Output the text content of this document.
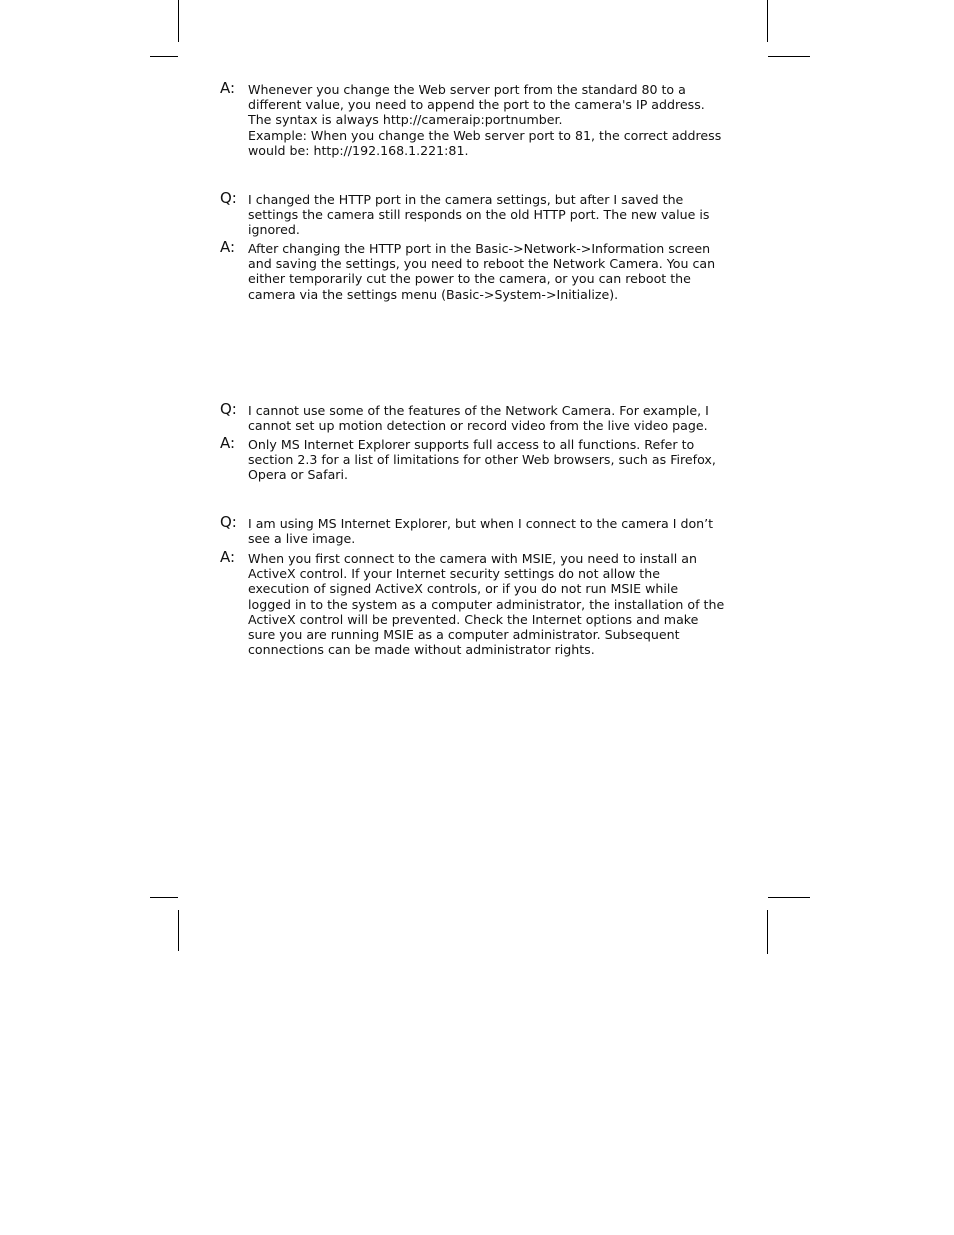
A: Whenever you change the Web server port from the standard 80 to a
different value, you need to append the port to the camera's IP address.
The syntax is always http://cameraip:portnumber.
Example: When you change the Web server port to 81, the correct address
would be: http://192.168.1.221:81.
Q: I changed the HTTP port in the camera settings, but after I saved the
settings the camera still responds on the old HTTP port. The new value is
ignored.
A: After changing the HTTP port in the Basic->Network->Information screen
and saving the settings, you need to reboot the Network Camera. You can
either temporarily cut the power to the camera, or you can reboot the
camera via the settings menu (Basic->System->Initialize).
Q: I cannot use some of the features of the Network Camera. For example, I
cannot set up motion detection or record video from the live video page.
A: Only MS Internet Explorer supports full access to all functions. Refer to
section 2.3 for a list of limitations for other Web browsers, such as Firefox,
Opera or Safari.
Q: I am using MS Internet Explorer, but when I connect to the camera I don’t
see a live image.
A: When you first connect to the camera with MSIE, you need to install an
ActiveX control. If your Internet security settings do not allow the
execution of signed ActiveX controls, or if you do not run MSIE while
logged in to the system as a computer administrator, the installation of the
ActiveX control will be prevented. Check the Internet options and make
sure you are running MSIE as a computer administrator. Subsequent
connections can be made without administrator rights.
